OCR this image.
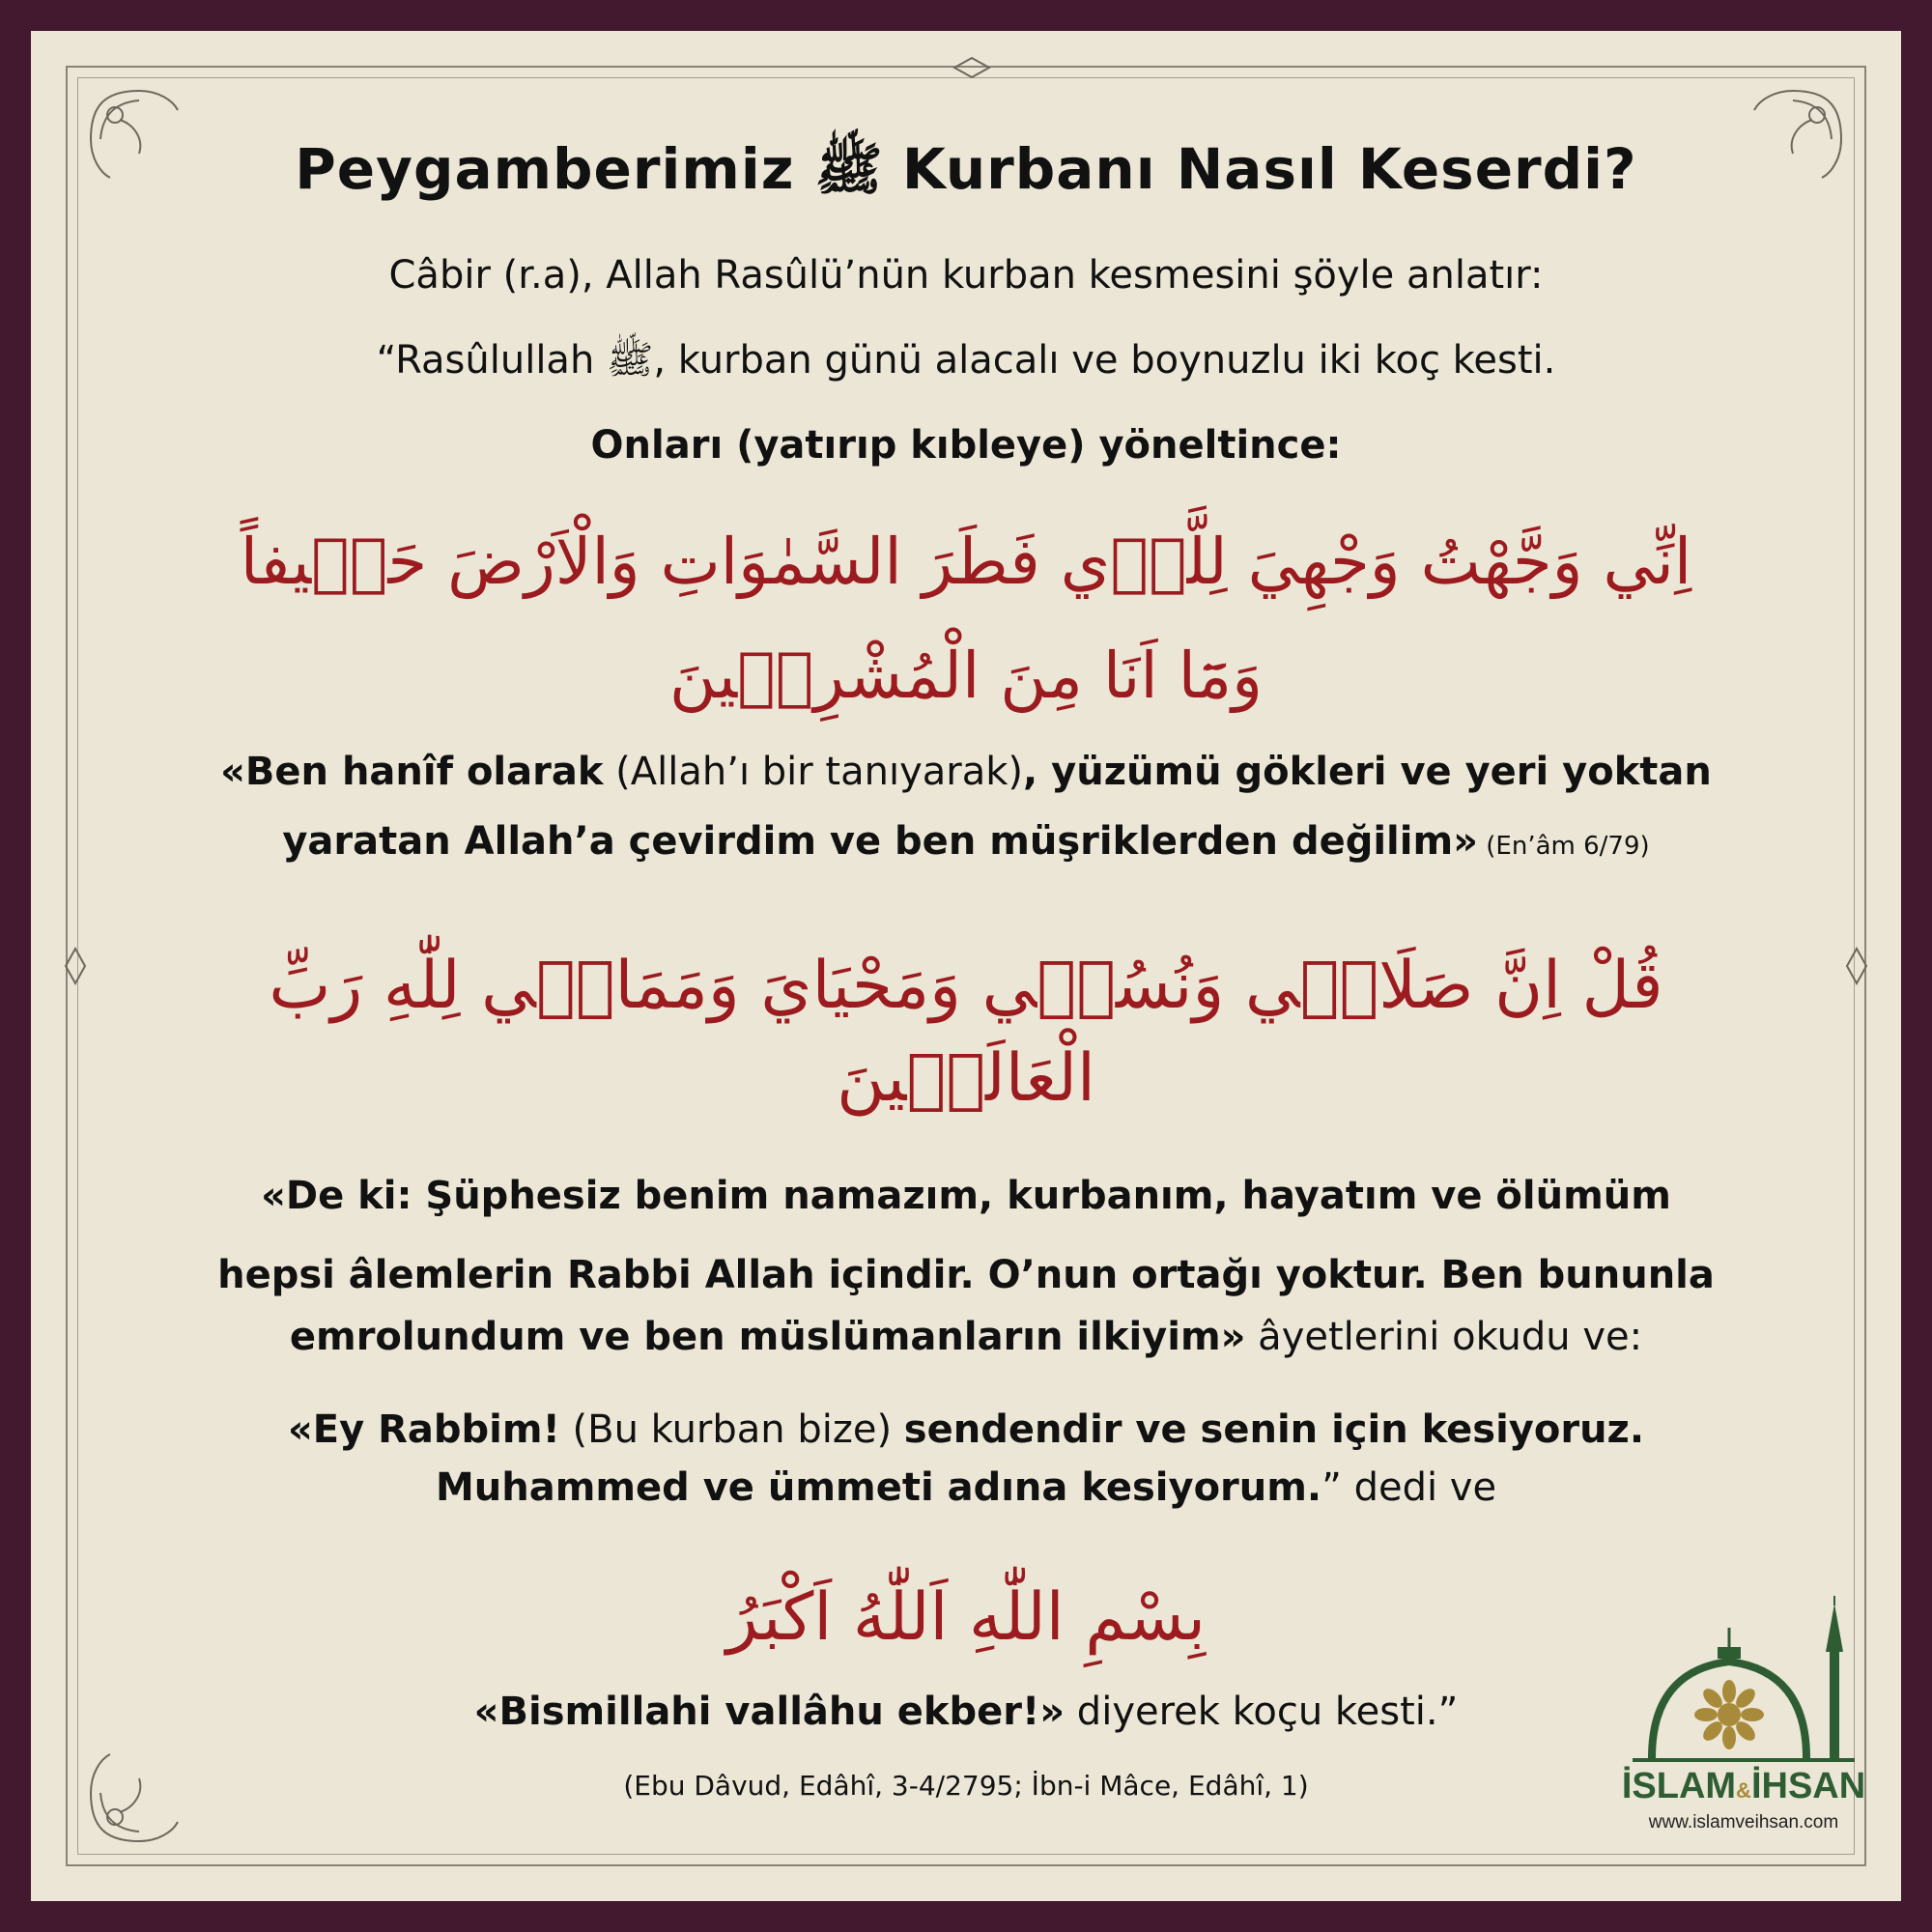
Peygamberimiz ﷺ Kurbanı Nasıl Keserdi?
Câbir (r.a), Allah Rasûlü’nün kurban kesmesini şöyle anlatır:
“Rasûlullah ﷺ, kurban günü alacalı ve boynuzlu iki koç kesti.
Onları (yatırıp kıbleye) yöneltince:
اِنِّي وَجَّهْتُ وَجْهِيَ لِلَّذٖي فَطَرَ السَّمٰوَاتِ وَالْاَرْضَ حَنٖيفاً
وَمَٓا اَنَا مِنَ الْمُشْرِكٖينَ
«Ben hanîf olarak (Allah’ı bir tanıyarak), yüzümü gökleri ve yeri yoktan
yaratan Allah’a çevirdim ve ben müşriklerden değilim» (En’âm 6/79)
قُلْ اِنَّ صَلَاتٖي وَنُسُكٖي وَمَحْيَايَ وَمَمَاتٖي لِلّٰهِ رَبِّ الْعَالَمٖينَ
«De ki: Şüphesiz benim namazım, kurbanım, hayatım ve ölümüm
hepsi âlemlerin Rabbi Allah içindir. O’nun ortağı yoktur. Ben bununla
emrolundum ve ben müslümanların ilkiyim» âyetlerini okudu ve:
«Ey Rabbim! (Bu kurban bize) sendendir ve senin için kesiyoruz.
Muhammed ve ümmeti adına kesiyorum.” dedi ve
بِسْمِ اللّٰهِ اَللّٰهُ اَكْبَرُ
«Bismillahi vallâhu ekber!» diyerek koçu kesti.”
(Ebu Dâvud, Edâhî, 3-4/2795; İbn-i Mâce, Edâhî, 1)	İSLAM&İHSAN
www.islamveihsan.com
